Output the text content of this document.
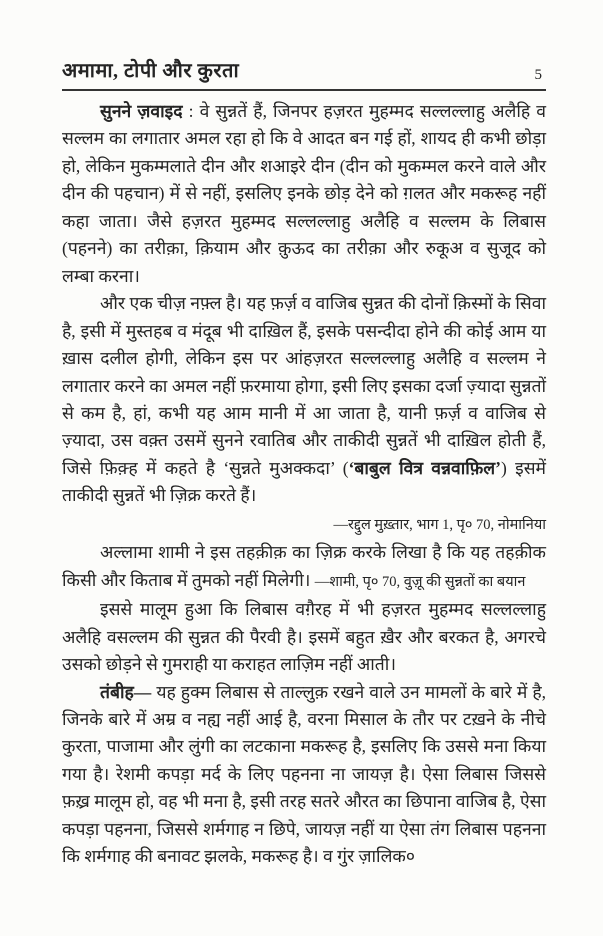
अमामा, टोपी और कुरता	5

सुनने ज़वाइद : वे सुन्नतें हैं, जिनपर हज़रत मुहम्मद सल्लल्लाहु अलैहि व सल्लम का लगातार अमल रहा हो कि वे आदत बन गई हों, शायद ही कभी छोड़ा हो, लेकिन मुकम्मलाते दीन और शआइरे दीन (दीन को मुकम्मल करने वाले और दीन की पहचान) में से नहीं, इसलिए इनके छोड़ देने को ग़लत और मकरूह नहीं कहा जाता। जैसे हज़रत मुहम्मद सल्लल्लाहु अलैहि व सल्लम के लिबास (पहनने) का तरीक़ा, क़ियाम और क़ुऊद का तरीक़ा और रुकूअ व सुजूद को लम्बा करना।

और एक चीज़ नफ़्ल है। यह फ़र्ज़ व वाजिब सुन्नत की दोनों क़िस्मों के सिवा है, इसी में मुस्तहब व मंदूब भी दाख़िल हैं, इसके पसन्दीदा होने की कोई आम या ख़ास दलील होगी, लेकिन इस पर आंहज़रत सल्लल्लाहु अलैहि व सल्लम ने लगातार करने का अमल नहीं फ़रमाया होगा, इसी लिए इसका दर्जा ज़्यादा सुन्नतों से कम है, हां, कभी यह आम मानी में आ जाता है, यानी फ़र्ज़ व वाजिब से ज़्यादा, उस वक़्त उसमें सुनने रवातिब और ताकीदी सुन्नतें भी दाख़िल होती हैं, जिसे फ़िक़्ह में कहते है ‘सुन्नते मुअक्कदा’ (‘बाबुल वित्र वन्नवाफ़िल’) इसमें ताकीदी सुन्नतें भी ज़िक्र करते हैं।

—रद्दुल मुख़्तार, भाग 1, पृ० 70, नोमानिया

अल्लामा शामी ने इस तहक़ीक़ का ज़िक्र करके लिखा है कि यह तहक़ीक किसी और किताब में तुमको नहीं मिलेगी। —शामी, पृ० 70, वुज़ू की सुन्नतों का बयान

इससे मालूम हुआ कि लिबास वग़ैरह में भी हज़रत मुहम्मद सल्लल्लाहु अलैहि वसल्लम की सुन्नत की पैरवी है। इसमें बहुत ख़ैर और बरकत है, अगरचे उसको छोड़ने से गुमराही या कराहत लाज़िम नहीं आती।

तंबीह— यह हुक्म लिबास से ताल्लुक़ रखने वाले उन मामलों के बारे में है, जिनके बारे में अम्र व नह्य नहीं आई है, वरना मिसाल के तौर पर टख़ने के नीचे कुरता, पाजामा और लुंगी का लटकाना मकरूह है, इसलिए कि उससे मना किया गया है। रेशमी कपड़ा मर्द के लिए पहनना ना जायज़ है। ऐसा लिबास जिससे फ़ख़्र मालूम हो, वह भी मना है, इसी तरह सतरे औरत का छिपाना वाजिब है, ऐसा कपड़ा पहनना, जिससे शर्मगाह न छिपे, जायज़ नहीं या ऐसा तंग लिबास पहनना कि शर्मगाह की बनावट झलके, मकरूह है। व गुंर ज़ालिक०
